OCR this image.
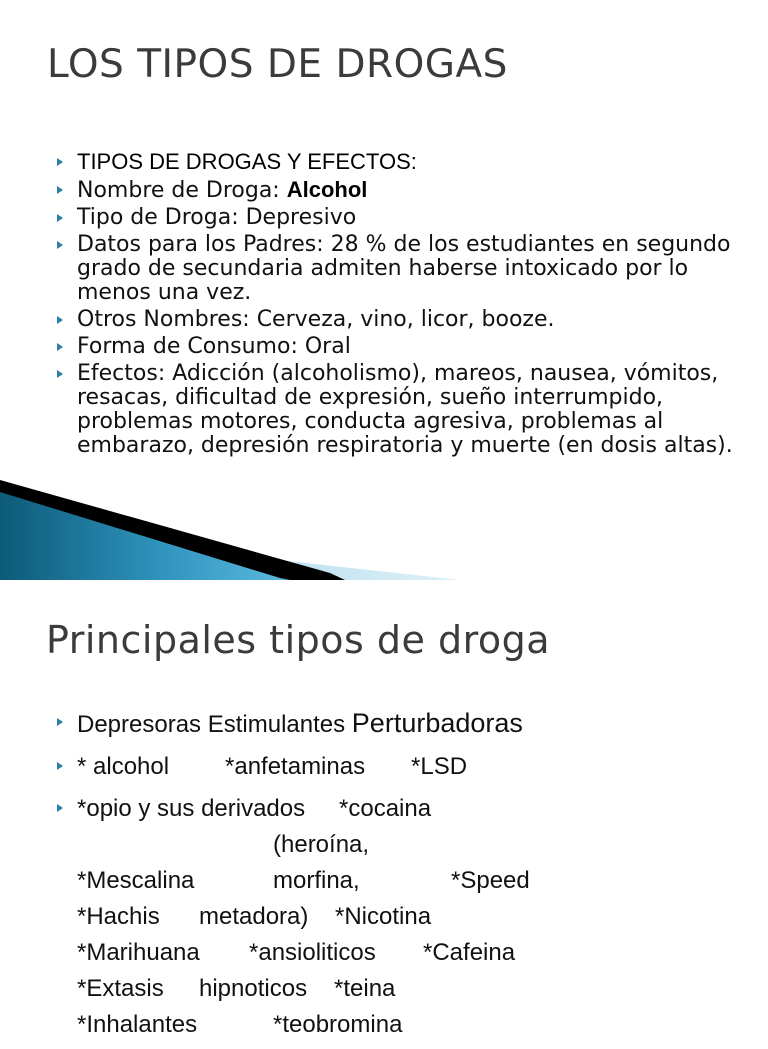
LOS TIPOS DE DROGAS
TIPOS DE DROGAS Y EFECTOS:
Nombre de Droga: Alcohol
Tipo de Droga: Depresivo
Datos para los Padres: 28 % de los estudiantes en segundo grado de secundaria admiten haberse intoxicado por lo menos una vez.
Otros Nombres: Cerveza, vino, licor, booze.
Forma de Consumo: Oral
Efectos: Adicción (alcoholismo), mareos, nausea, vómitos, resacas, dificultad de expresión, sueño interrumpido, problemas motores, conducta agresiva, problemas al embarazo, depresión respiratoria y muerte (en dosis altas).
Principales tipos de droga
Depresoras Estimulantes Perturbadoras
* alcohol *anfetaminas *LSD
*opio y sus derivados *cocaina
*Mescalina(heroína, morfina,	*Speed
*Hachis metadora) *Nicotina
*Marihuana *ansioliticos *Cafeina
*Extasis hipnoticos *teina
*Inhalantes	*teobromina
